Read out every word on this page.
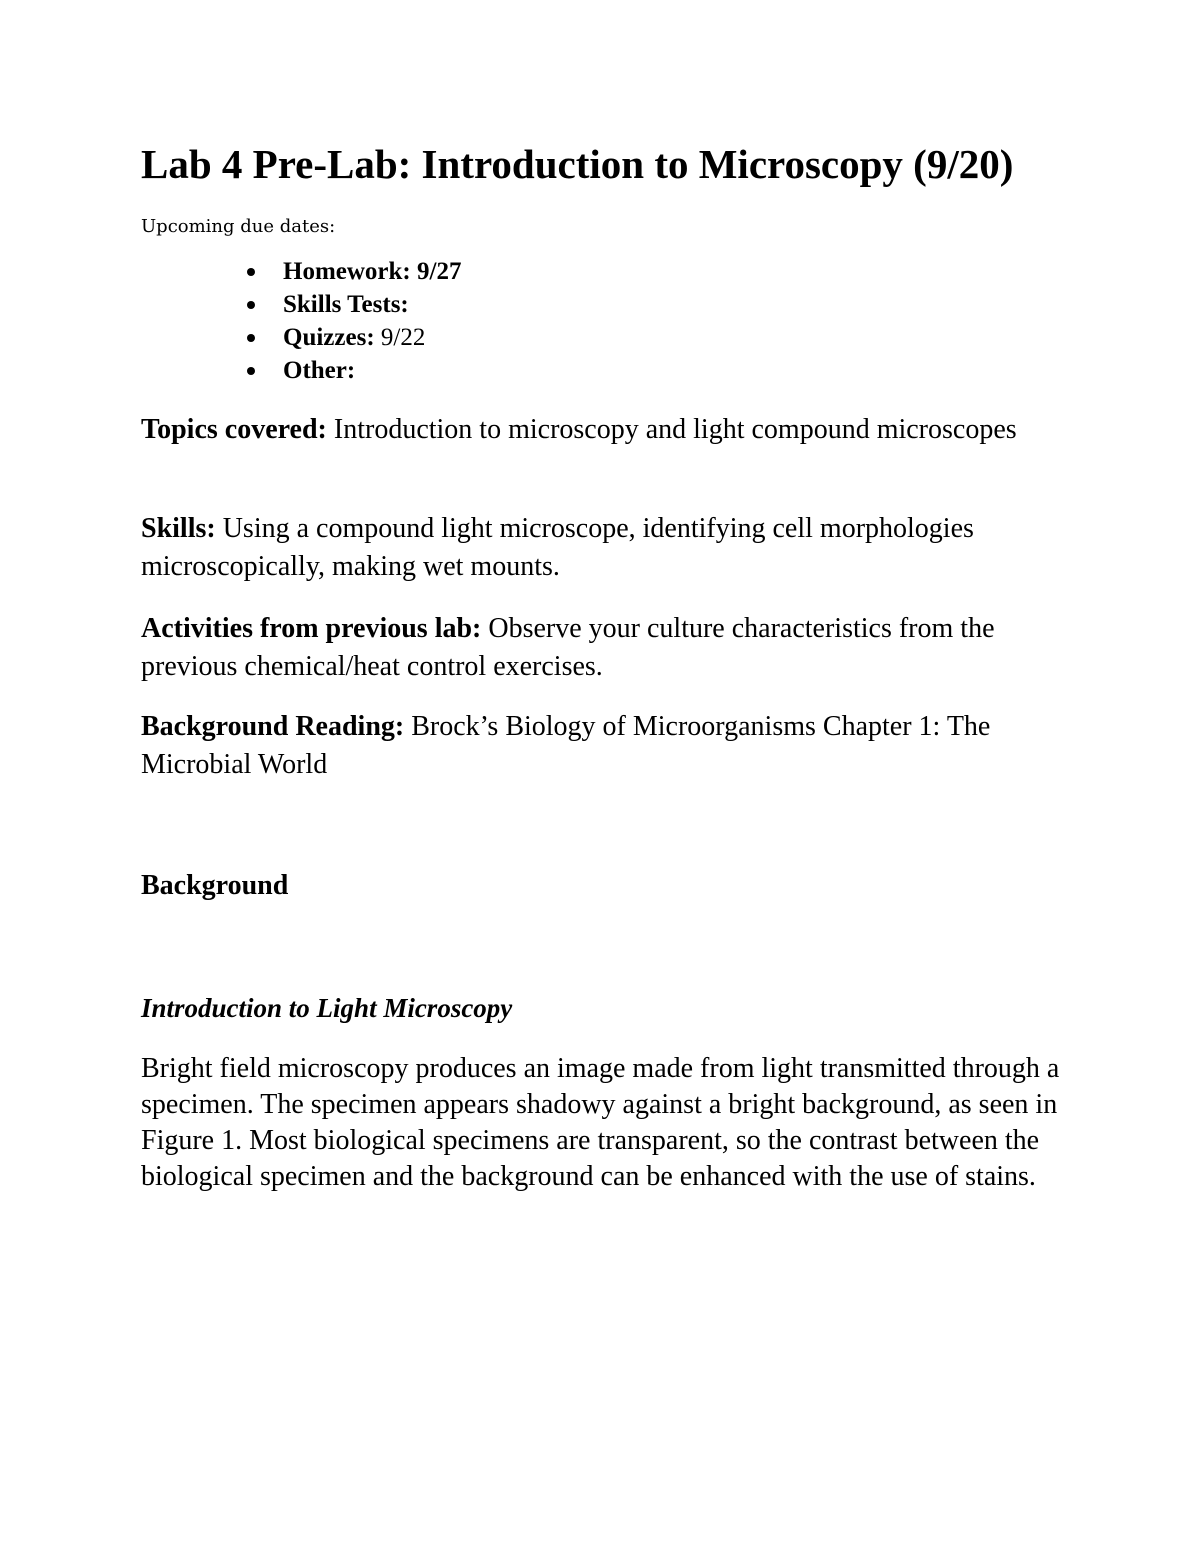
Lab 4 Pre-Lab: Introduction to Microscopy (9/20)
Upcoming due dates:
Homework: 9/27
Skills Tests:
Quizzes: 9/22
Other:

Topics covered: Introduction to microscopy and light compound microscopes

Skills: Using a compound light microscope, identifying cell morphologies microscopically, making wet mounts.

Activities from previous lab: Observe your culture characteristics from the previous chemical/heat control exercises.

Background Reading: Brock’s Biology of Microorganisms Chapter 1: The Microbial World

Background
Introduction to Light Microscopy

Bright field microscopy produces an image made from light transmitted through a specimen. The specimen appears shadowy against a bright background, as seen in Figure 1. Most biological specimens are transparent, so the contrast between the biological specimen and the background can be enhanced with the use of stains.
